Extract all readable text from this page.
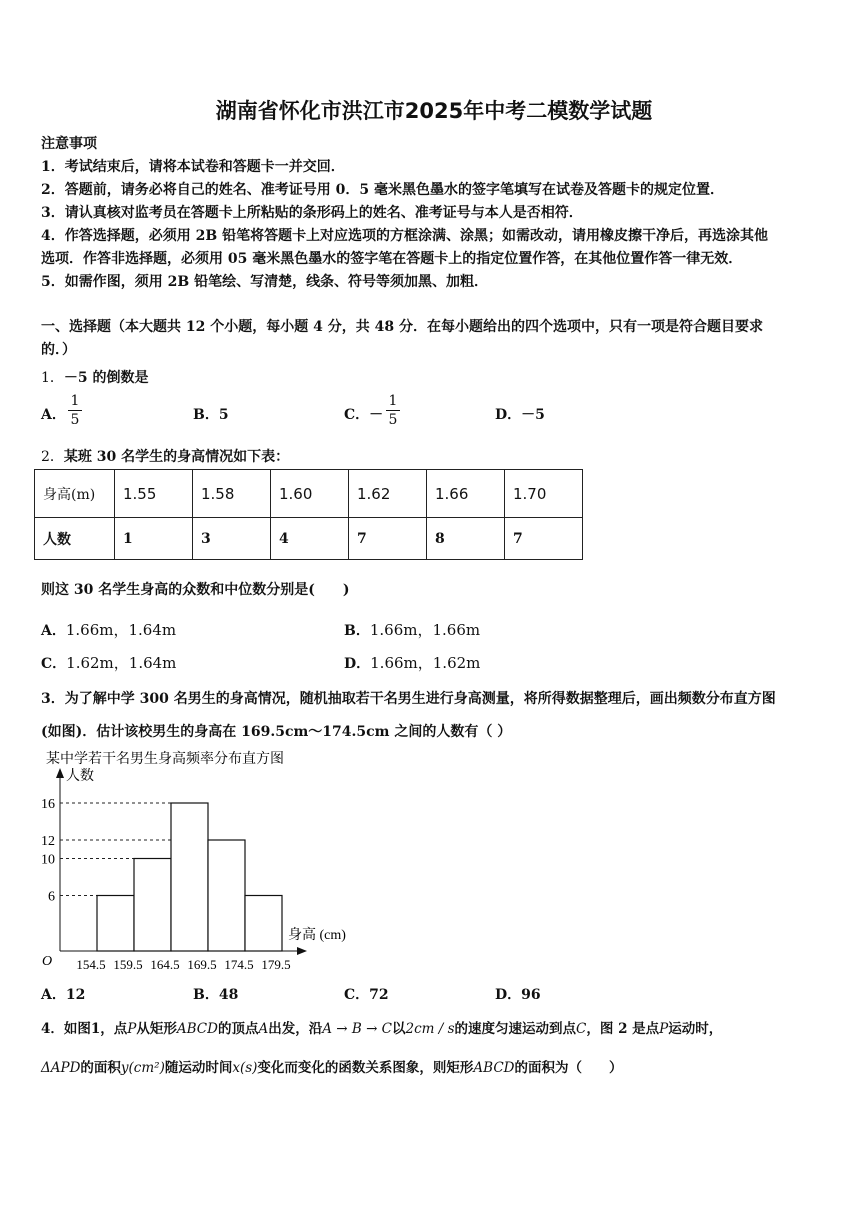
湖南省怀化市洪江市2025年中考二模数学试题
注意事项
1．考试结束后，请将本试卷和答题卡一并交回．
2．答题前，请务必将自己的姓名、准考证号用 0．5 毫米黑色墨水的签字笔填写在试卷及答题卡的规定位置．
3．请认真核对监考员在答题卡上所粘贴的条形码上的姓名、准考证号与本人是否相符．
4．作答选择题，必须用 2B 铅笔将答题卡上对应选项的方框涂满、涂黑；如需改动，请用橡皮擦干净后，再选涂其他
选项．作答非选择题，必须用 05 毫米黑色墨水的签字笔在答题卡上的指定位置作答，在其他位置作答一律无效．
5．如需作图，须用 2B 铅笔绘、写清楚，线条、符号等须加黑、加粗．
一、选择题（本大题共 12 个小题，每小题 4 分，共 48 分．在每小题给出的四个选项中，只有一项是符合题目要求
的．）
1．－5 的倒数是
A．
1
5	B．5	C．－
1
5	D．－5
2．某班 30 名学生的身高情况如下表：
身高(m)	1.55	1.58	1.60	1.62	1.66	1.70
人数	1	3	4	7	8	7
则这 30 名学生身高的众数和中位数分别是(　　)
A．1.66m，1.64m	B．1.66m，1.66m
C．1.62m，1.64m	D．1.66m，1.62m
3．为了解中学 300 名男生的身高情况，随机抽取若干名男生进行身高测量，将所得数据整理后，画出频数分布直方图
(如图)．估计该校男生的身高在 169.5cm～174.5cm 之间的人数有（ ）
某中学若干名男生身高频率分布直方图
人数
身高 (cm)
O
6
10
12
16
154.5 159.5 164.5 169.5 174.5 179.5
A．12	B．48	C．72	D．96
4．如图1，点P从矩形ABCD的顶点A出发，沿A → B → C以2cm / s的速度匀速运动到点C，图 2 是点P运动时，
ΔAPD的面积y(cm²)随运动时间x(s)变化而变化的函数关系图象，则矩形ABCD的面积为（　　）
